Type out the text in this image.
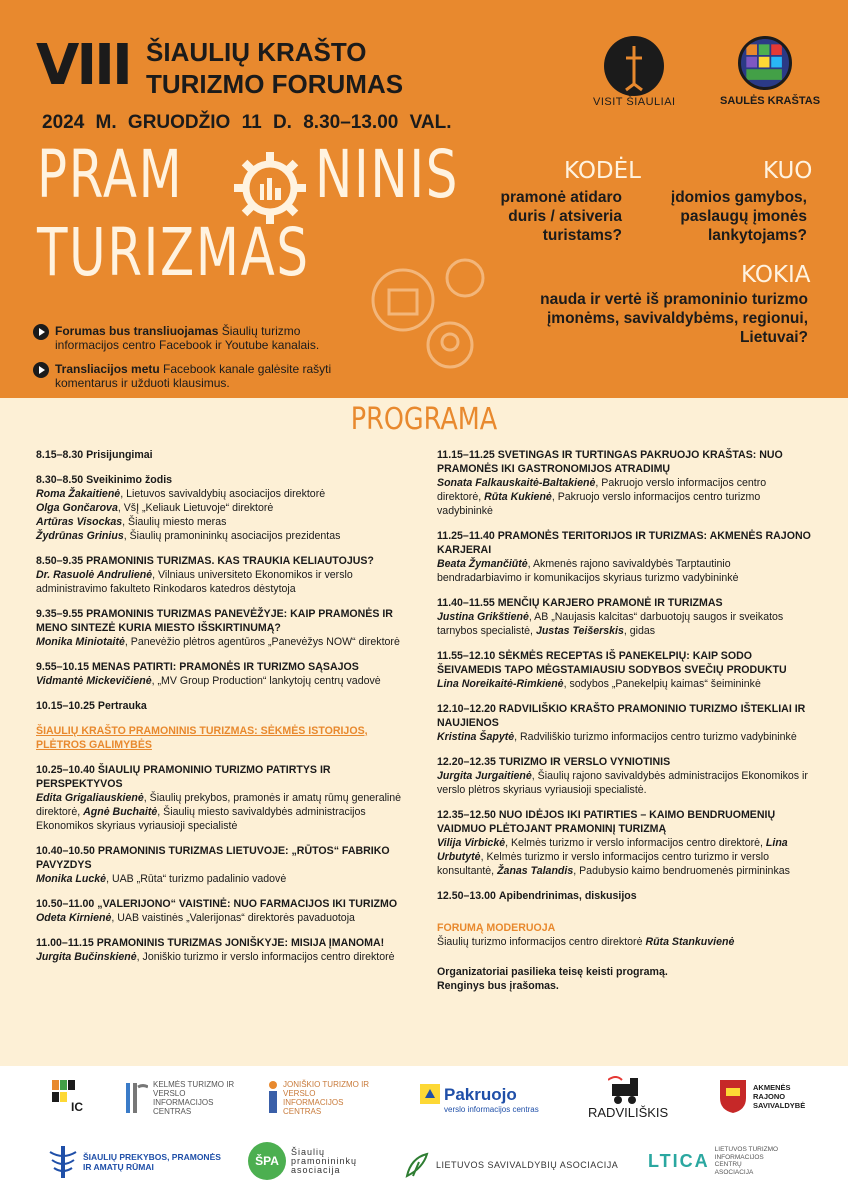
VIII ŠIAULIŲ KRAŠTO
TURIZMO FORUMAS
2024 M. GRUODŽIO 11 D. 8.30–13.00 VAL.
PRAM NINIS
TURIZMAS
VISIT ŠIAULIAI	SAULĖS KRAŠTAS
KODĖL
pramonė atidaro duris / atsiveria turistams?
KUO
įdomios gamybos, paslaugų įmonės lankytojams?
KOKIA
nauda ir vertė iš pramoninio turizmo įmonėms, savivaldybėms, regionui, Lietuvai?
Forumas bus transliuojamas Šiaulių turizmo informacijos centro Facebook ir Youtube kanalais.
Transliacijos metu Facebook kanale galėsite rašyti komentarus ir užduoti klausimus.
PROGRAMA
8.15–8.30 Prisijungimai
8.30–8.50 Sveikinimo žodis
Roma Žakaitienė, Lietuvos savivaldybių asociacijos direktorė
Olga Gončarova, VšĮ „Keliauk Lietuvoje“ direktorė
Artūras Visockas, Šiaulių miesto meras
Žydrūnas Grinius, Šiaulių pramonininkų asociacijos prezidentas

8.50–9.35 PRAMONINIS TURIZMAS. KAS TRAUKIA KELIAUTOJUS?
Dr. Rasuolė Andrulienė, Vilniaus universiteto Ekonomikos ir verslo administravimo fakulteto Rinkodaros katedros dėstytoja
9.35–9.55 PRAMONINIS TURIZMAS PANEVĖŽYJE: KAIP PRAMONĖS IR MENO SINTEZĖ KURIA MIESTO IŠSKIRTINUMĄ?
Monika Miniotaitė, Panevėžio plėtros agentūros „Panevėžys NOW“ direktorė
9.55–10.15 MENAS PATIRTI: PRAMONĖS IR TURIZMO SĄSAJOS
Vidmantė Mickevičienė, „MV Group Production“ lankytojų centrų vadovė
10.15–10.25 Pertrauka
ŠIAULIŲ KRAŠTO PRAMONINIS TURIZMAS: SĖKMĖS ISTORIJOS, PLĖTROS GALIMYBĖS
10.25–10.40 ŠIAULIŲ PRAMONINIO TURIZMO PATIRTYS IR PERSPEKTYVOS
Edita Grigaliauskienė, Šiaulių prekybos, pramonės ir amatų rūmų generalinė direktorė, Agnė Buchaitė, Šiaulių miesto savivaldybės administracijos Ekonomikos skyriaus vyriausioji specialistė
10.40–10.50 PRAMONINIS TURIZMAS LIETUVOJE: „RŪTOS“ FABRIKO PAVYZDYS
Monika Luckė, UAB „Rūta“ turizmo padalinio vadovė
10.50–11.00 „VALERIJONO“ VAISTINĖ: NUO FARMACIJOS IKI TURIZMO
Odeta Kirnienė, UAB vaistinės „Valerijonas“ direktorės pavaduotoja
11.00–11.15 PRAMONINIS TURIZMAS JONIŠKYJE: MISIJA ĮMANOMA!
Jurgita Bučinskienė, Joniškio turizmo ir verslo informacijos centro direktorė
11.15–11.25 SVETINGAS IR TURTINGAS PAKRUOJO KRAŠTAS: NUO PRAMONĖS IKI GASTRONOMIJOS ATRADIMŲ
Sonata Falkauskaitė-Baltakienė, Pakruojo verslo informacijos centro direktorė, Rūta Kukienė, Pakruojo verslo informacijos centro turizmo vadybininkė
11.25–11.40 PRAMONĖS TERITORIJOS IR TURIZMAS: AKMENĖS RAJONO KARJERAI
Beata Žymančiūtė, Akmenės rajono savivaldybės Tarptautinio bendradarbiavimo ir komunikacijos skyriaus turizmo vadybininkė
11.40–11.55 MENČIŲ KARJERO PRAMONĖ IR TURIZMAS
Justina Grikštienė, AB „Naujasis kalcitas“ darbuotojų saugos ir sveikatos tarnybos specialistė, Justas Teišerskis, gidas
11.55–12.10 SĖKMĖS RECEPTAS IŠ PANEKELPIŲ: KAIP SODO ŠEIVAMEDIS TAPO MĖGSTAMIAUSIU SODYBOS SVEČIŲ PRODUKTU
Lina Noreikaitė-Rimkienė, sodybos „Panekelpių kaimas“ šeimininkė
12.10–12.20 RADVILIŠKIO KRAŠTO PRAMONINIO TURIZMO IŠTEKLIAI IR NAUJIENOS
Kristina Šapytė, Radviliškio turizmo informacijos centro turizmo vadybininkė
12.20–12.35 TURIZMO IR VERSLO VYNIOTINIS
Jurgita Jurgaitienė, Šiaulių rajono savivaldybės administracijos Ekonomikos ir verslo plėtros skyriaus vyriausioji specialistė.
12.35–12.50 NUO IDĖJOS IKI PATIRTIES – KAIMO BENDRUOMENIŲ VAIDMUO PLĖTOJANT PRAMONINĮ TURIZMĄ
Vilija Virbickė, Kelmės turizmo ir verslo informacijos centro direktorė, Lina Urbutytė, Kelmės turizmo ir verslo informacijos centro turizmo ir verslo konsultantė, Žanas Talandis, Padubysio kaimo bendruomenės pirmininkas
12.50–13.00 Apibendrinimas, diskusijos
FORUMĄ MODERUOJA
Šiaulių turizmo informacijos centro direktorė Rūta Stankuvienė
Organizatoriai pasilieka teisę keisti programą.
Renginys bus įrašomas.
IC
KELMĖS TURIZMO IR VERSLO INFORMACIJOS CENTRAS
JONIŠKIO TURIZMO IR VERSLO INFORMACIJOS CENTRAS
Pakruojo
verslo informacijos centras	RADVILIŠKIS
AKMENĖS RAJONO SAVIVALDYBĖ
ŠIAULIŲ PREKYBOS, PRAMONĖS IR AMATŲ RŪMAI	ŠPA
Šiaulių pramonininkų asociacija	LIETUVOS SAVIVALDYBIŲ ASOCIACIJA LTICA
LIETUVOS TURIZMO INFORMACIJOS CENTRŲ ASOCIACIJA
